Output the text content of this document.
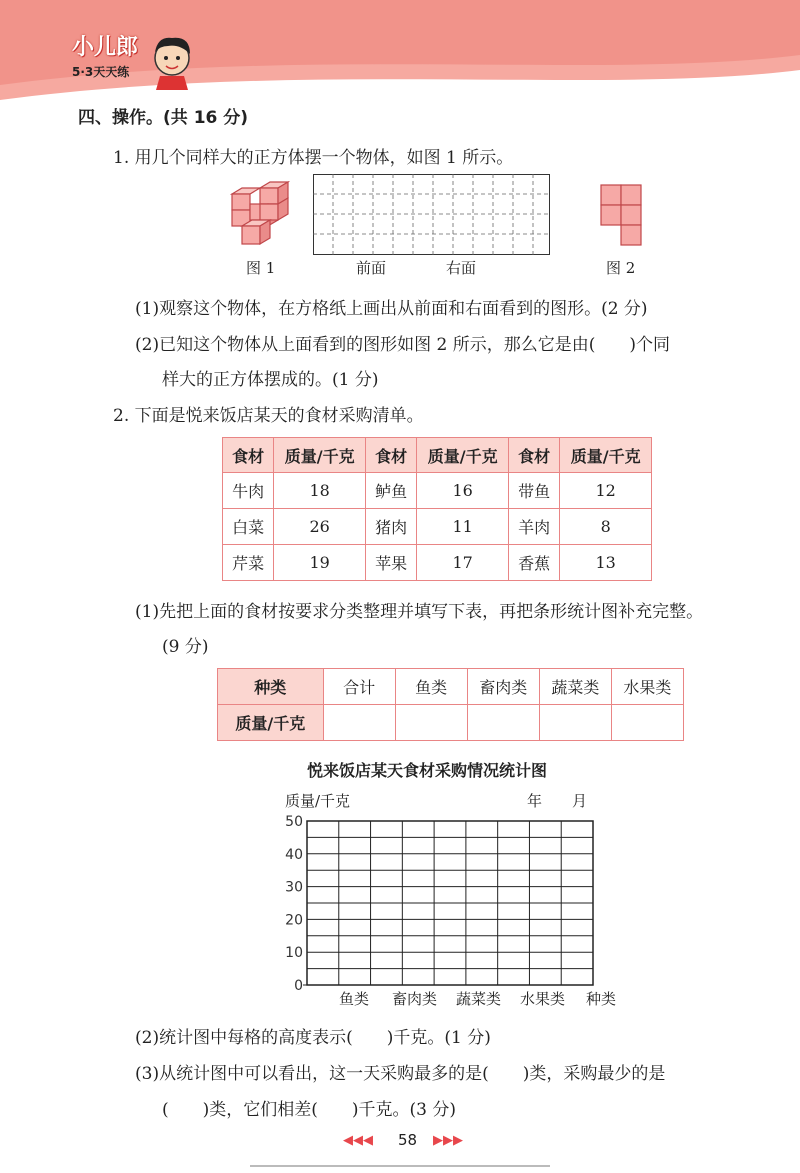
小儿郎
5·3天天练
四、操作。(共 16 分)
1. 用几个同样大的正方体摆一个物体，如图 1 所示。
图 1	前面	右面	图 2
(1)观察这个物体，在方格纸上画出从前面和右面看到的图形。(2 分)
(2)已知这个物体从上面看到的图形如图 2 所示，那么它是由(　　)个同
样大的正方体摆成的。(1 分)
2. 下面是悦来饭店某天的食材采购清单。
食材	质量/千克	食材	质量/千克	食材	质量/千克
牛肉	18	鲈鱼	16	带鱼	12
白菜	26	猪肉	11	羊肉	8
芹菜	19	苹果	17	香蕉	13
(1)先把上面的食材按要求分类整理并填写下表，再把条形统计图补充完整。
(9 分)
种类	合计	鱼类	畜肉类	蔬菜类	水果类
质量/千克					
悦来饭店某天食材采购情况统计图
质量/千克	年　　月
0
10
20
30
40
50
鱼类 畜肉类 蔬菜类 水果类 种类
(2)统计图中每格的高度表示(　　)千克。(1 分)
(3)从统计图中可以看出，这一天采购最多的是(　　)类，采购最少的是
(　　)类，它们相差(　　)千克。(3 分)
◀◀◀ 58 ▶▶▶
